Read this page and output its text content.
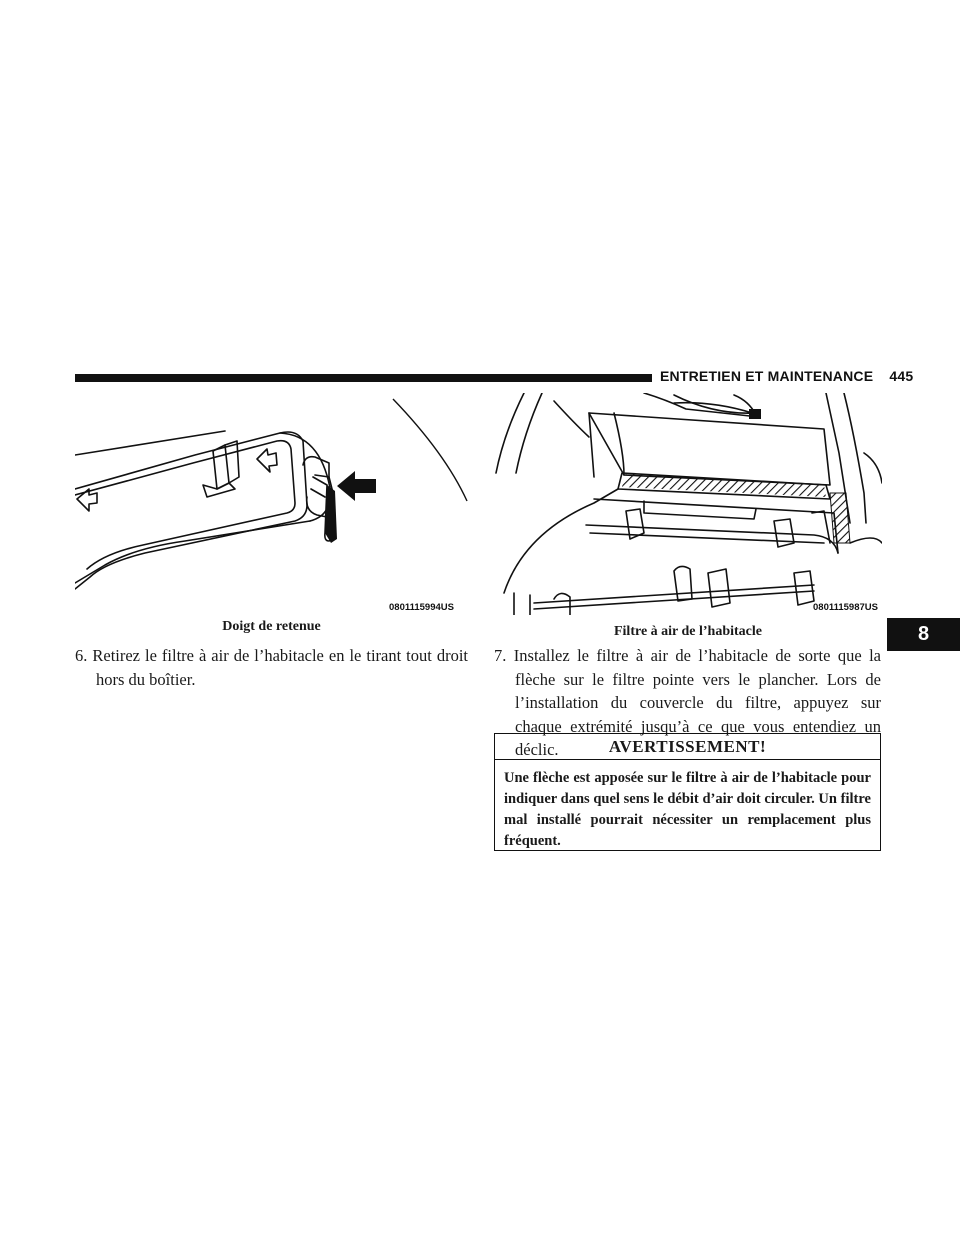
ENTRETIEN ET MAINTENANCE 445
0801115994US
Doigt de retenue
0801115987US
Filtre à air de l’habitacle
6. Retirez le filtre à air de l’habitacle en le tirant tout droit hors du boîtier.
7. Installez le filtre à air de l’habitacle de sorte que la flèche sur le filtre pointe vers le plancher. Lors de l’installation du couvercle du filtre, appuyez sur chaque extrémité jusqu’à ce que vous entendiez un déclic.	AVERTISSEMENT!
Une flèche est apposée sur le filtre à air de l’habitacle pour indiquer dans quel sens le débit d’air doit circuler. Un filtre mal installé pourrait nécessiter un remplacement plus fréquent.
8
